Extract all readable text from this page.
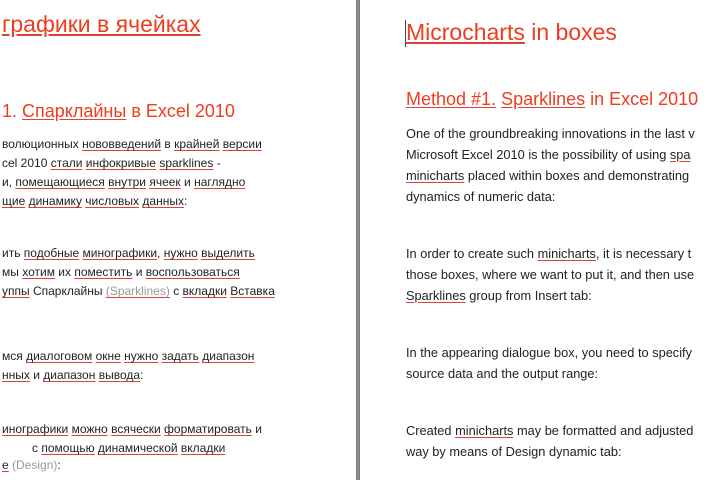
графики в ячейках

1. Спарклайны в Excel 2010

волюционных нововведений в крайней версии

cel 2010 стали инфокривые sparklines -

и, помещающиеся внутри ячеек и наглядно

щие динамику числовых данных:

ить подобные минографики, нужно выделить

мы хотим их поместить и воспользоваться

уппы Спарклайны (Sparklines) с вкладки Вставка

мся диалоговом окне нужно задать диапазон

нных и диапазон вывода:

инографики можно всячески форматировать и

с помощью динамической вкладки

е (Design):

Microcharts in boxes

Method #1. Sparklines in Excel 2010

One of the groundbreaking innovations in the last v

Microsoft Excel 2010 is the possibility of using spa

minicharts placed within boxes and demonstrating

dynamics of numeric data:

In order to create such minicharts, it is necessary t

those boxes, where we want to put it, and then use

Sparklines group from Insert tab:

In the appearing dialogue box, you need to specify

source data and the output range:

Created minicharts may be formatted and adjusted

way by means of Design dynamic tab:
